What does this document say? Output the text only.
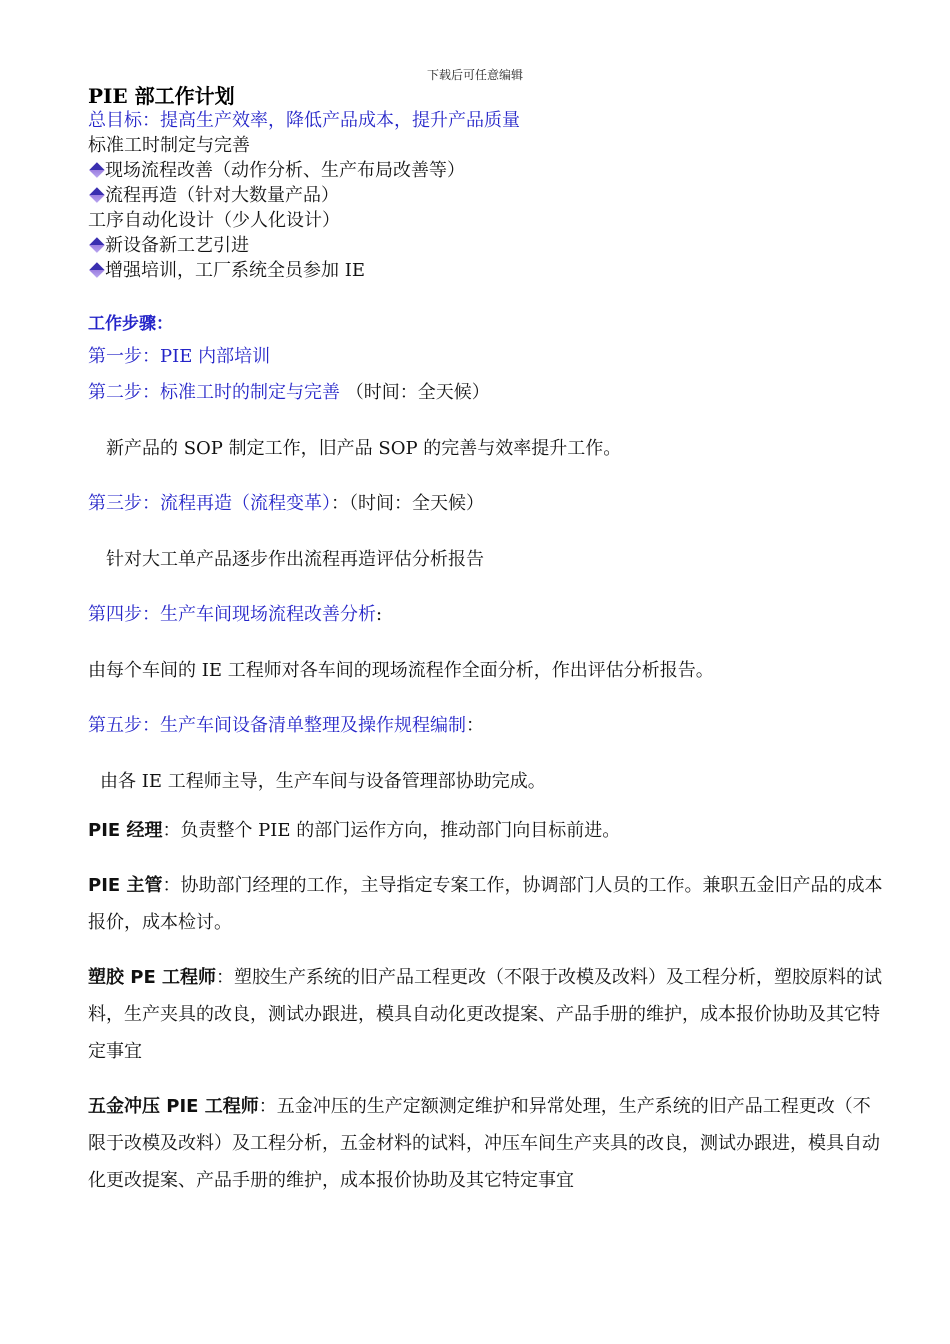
下载后可任意编辑
PIE 部工作计划

总目标：提高生产效率，降低产品成本，提升产品质量

标准工时制定与完善

现场流程改善（动作分析、生产布局改善等）

流程再造（针对大数量产品）

工序自动化设计（少人化设计）

新设备新工艺引进

增强培训，工厂系统全员参加 IE

工作步骤：

第一步：PIE 内部培训

第二步：标准工时的制定与完善 （时间：全天候）

新产品的 SOP 制定工作，旧产品 SOP 的完善与效率提升工作。

第三步：流程再造（流程变革）：（时间：全天候）

针对大工单产品逐步作出流程再造评估分析报告

第四步：生产车间现场流程改善分析:

由每个车间的 IE 工程师对各车间的现场流程作全面分析，作出评估分析报告。

第五步：生产车间设备清单整理及操作规程编制：

由各 IE 工程师主导，生产车间与设备管理部协助完成。

PIE 经理：负责整个 PIE 的部门运作方向，推动部门向目标前进。

PIE 主管：协助部门经理的工作，主导指定专案工作，协调部门人员的工作。兼职五金旧产品的成本报价，成本检讨。

塑胶 PE 工程师：塑胶生产系统的旧产品工程更改（不限于改模及改料）及工程分析，塑胶原料的试料，生产夹具的改良，测试办跟进，模具自动化更改提案、产品手册的维护，成本报价协助及其它特定事宜

五金冲压 PIE 工程师：五金冲压的生产定额测定维护和异常处理，生产系统的旧产品工程更改（不限于改模及改料）及工程分析，五金材料的试料，冲压车间生产夹具的改良，测试办跟进，模具自动化更改提案、产品手册的维护，成本报价协助及其它特定事宜
